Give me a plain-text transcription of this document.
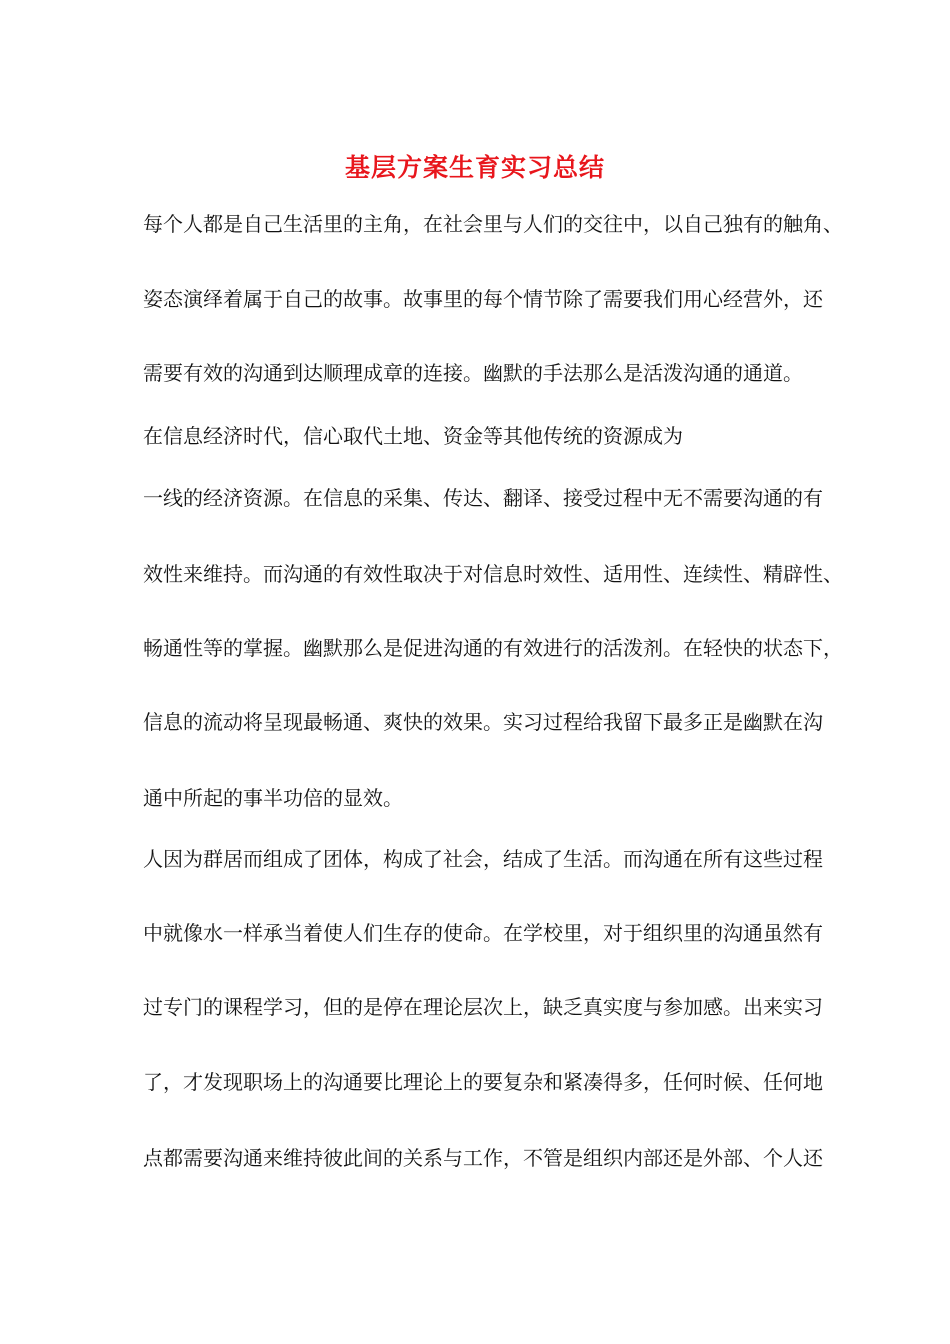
基层方案生育实习总结
每个人都是自己生活里的主角，在社会里与人们的交往中，以自己独有的触角、
姿态演绎着属于自己的故事。故事里的每个情节除了需要我们用心经营外，还
需要有效的沟通到达顺理成章的连接。幽默的手法那么是活泼沟通的通道。
在信息经济时代，信心取代土地、资金等其他传统的资源成为
一线的经济资源。在信息的采集、传达、翻译、接受过程中无不需要沟通的有
效性来维持。而沟通的有效性取决于对信息时效性、适用性、连续性、精辟性、
畅通性等的掌握。幽默那么是促进沟通的有效进行的活泼剂。在轻快的状态下，
信息的流动将呈现最畅通、爽快的效果。实习过程给我留下最多正是幽默在沟
通中所起的事半功倍的显效。
人因为群居而组成了团体，构成了社会，结成了生活。而沟通在所有这些过程
中就像水一样承当着使人们生存的使命。在学校里，对于组织里的沟通虽然有
过专门的课程学习，但的是停在理论层次上，缺乏真实度与参加感。出来实习
了，才发现职场上的沟通要比理论上的要复杂和紧凑得多，任何时候、任何地
点都需要沟通来维持彼此间的关系与工作，不管是组织内部还是外部、个人还
